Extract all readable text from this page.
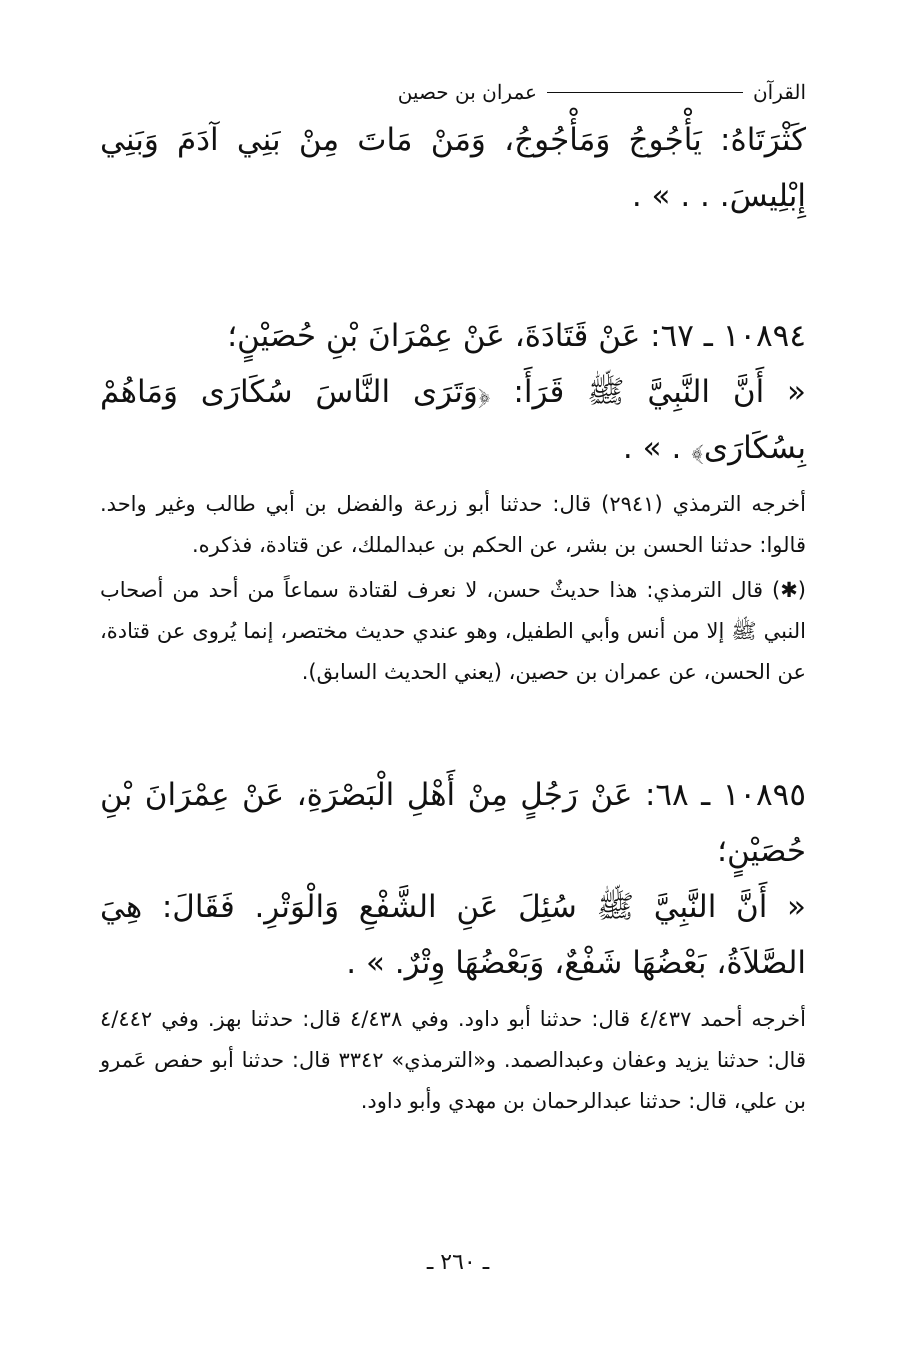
القرآن
عمران بن حصين

كَثْرَتَاهُ: يَأْجُوجُ وَمَأْجُوجُ، وَمَنْ مَاتَ مِنْ بَنِي آدَمَ وَبَنِي إِبْلِيسَ. . . » .

١٠٨٩٤ ـ ٦٧: عَنْ قَتَادَةَ، عَنْ عِمْرَانَ بْنِ حُصَيْنٍ؛

« أَنَّ النَّبِيَّ ﷺ قَرَأَ: ﴿وَتَرَى النَّاسَ سُكَارَى وَمَاهُمْ بِسُكَارَى﴾ . » .

أخرجه الترمذي (٢٩٤١) قال: حدثنا أبو زرعة والفضل بن أبي طالب وغير واحد. قالوا: حدثنا الحسن بن بشر، عن الحكم بن عبدالملك، عن قتادة، فذكره.

(✱) قال الترمذي: هذا حديثٌ حسن، لا نعرف لقتادة سماعاً من أحد من أصحاب النبي ﷺ إلا من أنس وأبي الطفيل، وهو عندي حديث مختصر، إنما يُروى عن قتادة، عن الحسن، عن عمران بن حصين، (يعني الحديث السابق).

١٠٨٩٥ ـ ٦٨: عَنْ رَجُلٍ مِنْ أَهْلِ الْبَصْرَةِ، عَنْ عِمْرَانَ بْنِ حُصَيْنٍ؛

« أَنَّ النَّبِيَّ ﷺ سُئِلَ عَنِ الشَّفْعِ وَالْوَتْرِ. فَقَالَ: هِيَ الصَّلاَةُ، بَعْضُهَا شَفْعٌ، وَبَعْضُهَا وِتْرٌ. » .

أخرجه أحمد ٤/٤٣٧ قال: حدثنا أبو داود. وفي ٤/٤٣٨ قال: حدثنا بهز. وفي ٤/٤٤٢ قال: حدثنا يزيد وعفان وعبدالصمد. و«الترمذي» ٣٣٤٢ قال: حدثنا أبو حفص عَمرو بن علي، قال: حدثنا عبدالرحمان بن مهدي وأبو داود.

ـ ٢٦٠ ـ
